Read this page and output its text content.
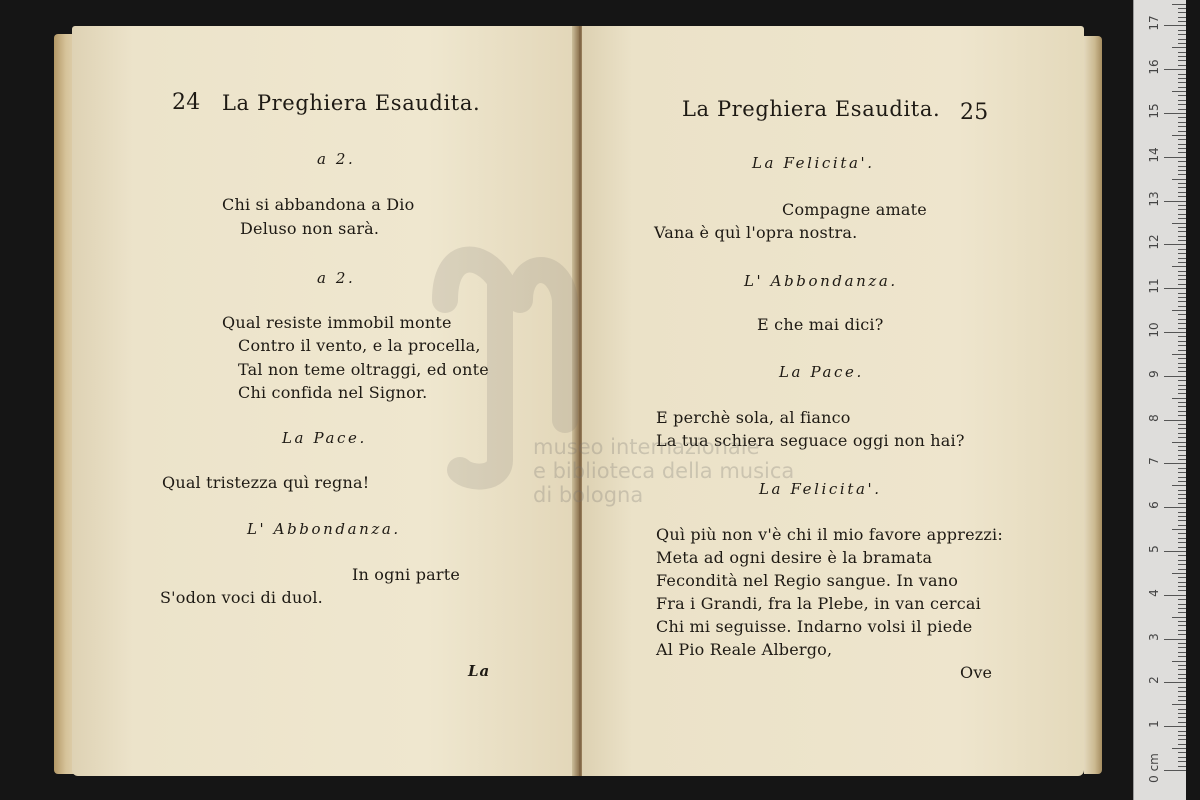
24 La Preghiera Esaudita.
a 2.
Chi si abbandona a Dio
Deluso non sarà.
a 2.
Qual resiste immobil monte
Contro il vento, e la procella,
Tal non teme oltraggi, ed onte
Chi confida nel Signor.
La Pace.
Qual tristezza quì regna!
L' Abbondanza.
In ogni parte
S'odon voci di duol.
La
La Preghiera Esaudita. 25
La Felicita'.
Compagne amate
Vana è quì l'opra nostra.
L' Abbondanza.
E che mai dici?
La Pace.
E perchè sola, al fianco
La tua schiera seguace oggi non hai?
La Felicita'.
Quì più non v'è chi il mio favore apprezzi:
Meta ad ogni desire è la bramata
Fecondità nel Regio sangue. In vano
Fra i Grandi, fra la Plebe, in van cercai
Chi mi seguisse. Indarno volsi il piede
Al Pio Reale Albergo,
Ove
museo internazionale
e biblioteca della musica
di bologna
0 cm
1
2
3
4
5
6
7
8
9
10
11
12
13
14
15
16
17
